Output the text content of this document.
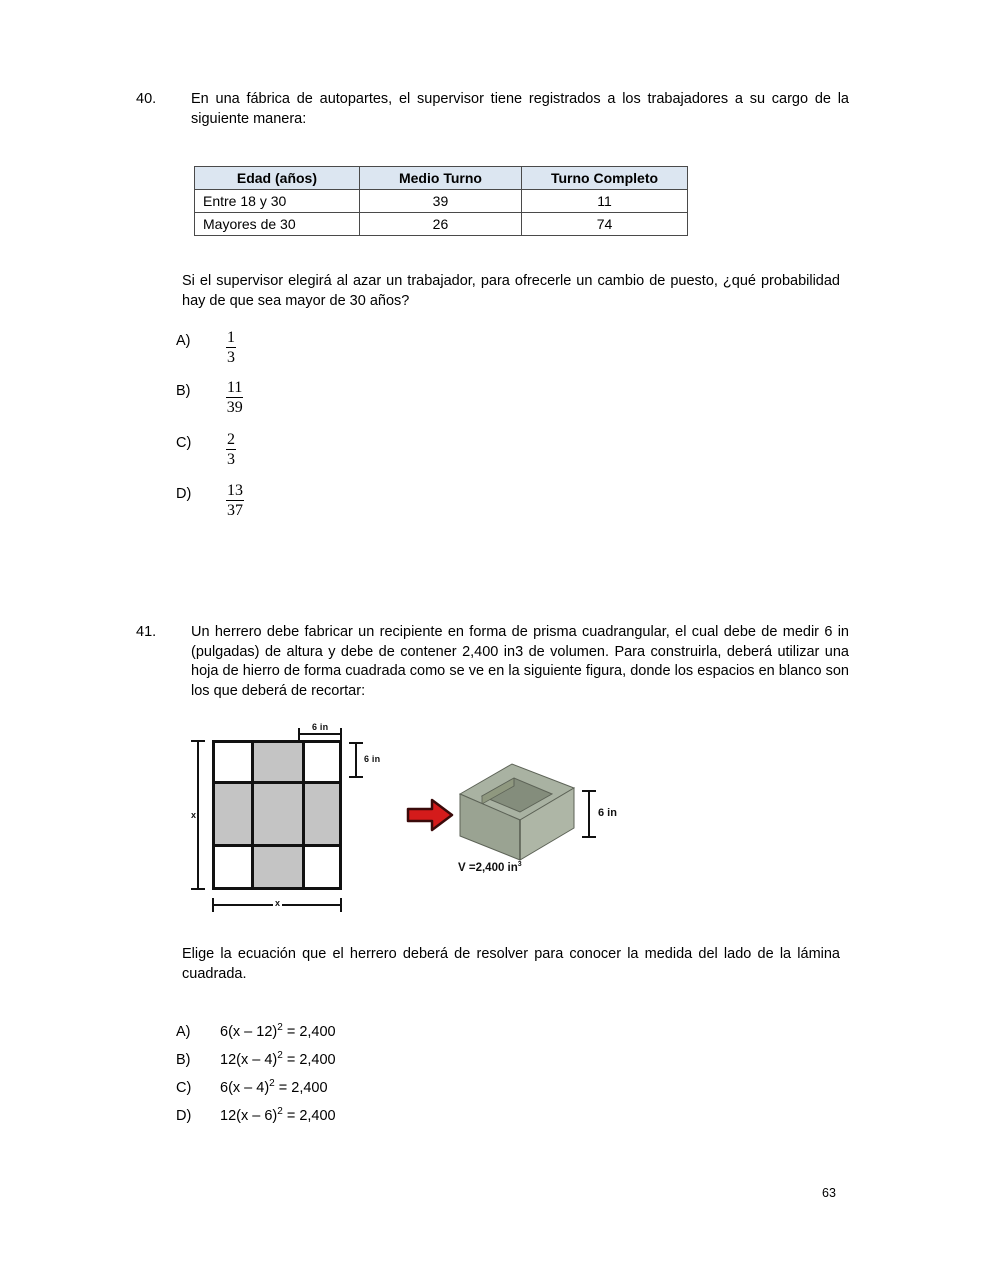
40.	En una fábrica de autopartes, el supervisor tiene registrados a los trabajadores a su cargo de la siguiente manera:
Edad (años)	Medio Turno	Turno Completo
Entre 18 y 30	39	11
Mayores de 30	26	74
Si el supervisor elegirá al azar un trabajador, para ofrecerle un cambio de puesto, ¿qué probabilidad hay de que sea mayor de 30 años?
A)	$\frac{1}{3}$
B)	$\frac{11}{39}$
C)	$\frac{2}{3}$
D)	$\frac{13}{37}$
41.	Un herrero debe fabricar un recipiente en forma de prisma cuadrangular, el cual debe de medir 6 in (pulgadas) de altura y debe de contener 2,400 in3 de volumen. Para construirla, deberá utilizar una hoja de hierro de forma cuadrada como se ve en la siguiente figura, donde los espacios en blanco son los que deberá de recortar:
6 in
6 in
x
x
6 in
V =2,400 $in^3$
Elige la ecuación que el herrero deberá de resolver para conocer la medida del lado de la lámina cuadrada.
A) 6(x – 12)$^2$ = 2,400
B) 12(x – 4)$^2$ = 2,400
C) 6(x – 4)$^2$ = 2,400
D) 12(x – 6)$^2$ = 2,400
63
